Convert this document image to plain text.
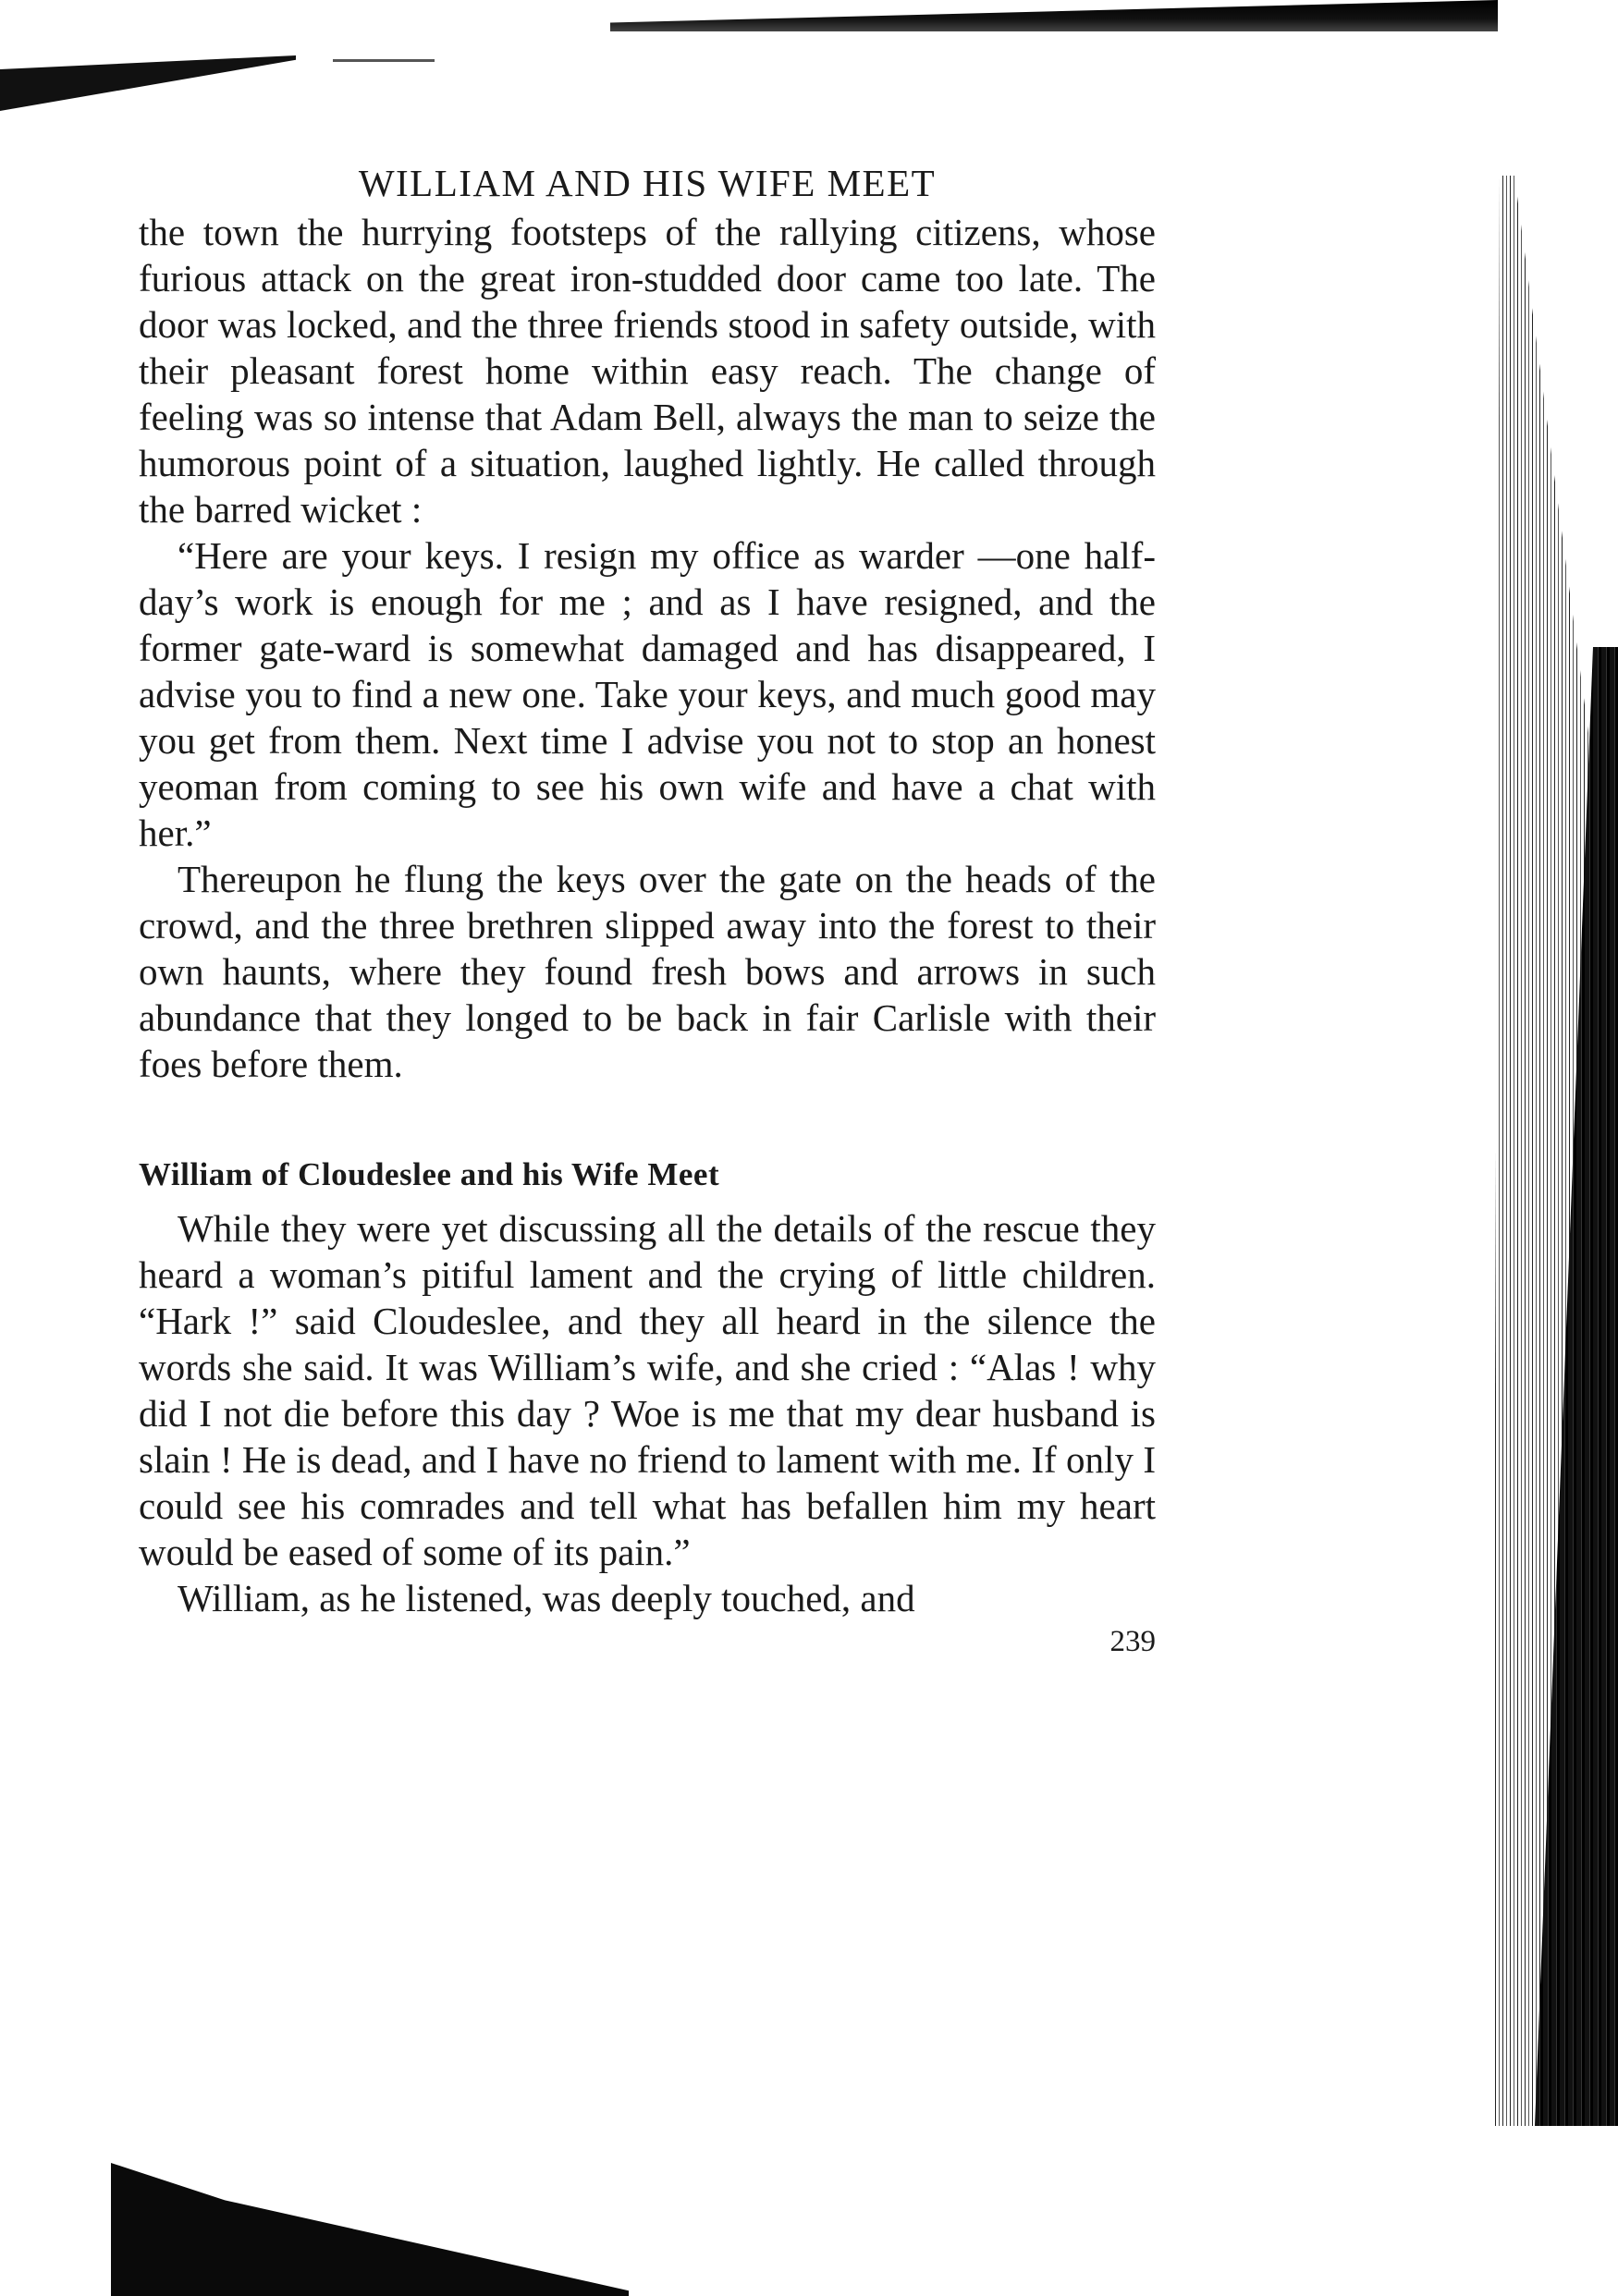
WILLIAM AND HIS WIFE MEET

the town the hurrying footsteps of the rallying citizens, whose furious attack on the great iron-studded door came too late. The door was locked, and the three friends stood in safety outside, with their pleasant forest home within easy reach. The change of feeling was so intense that Adam Bell, always the man to seize the humorous point of a situation, laughed lightly. He called through the barred wicket :

“Here are your keys. I resign my office as warder —one half-day’s work is enough for me ; and as I have resigned, and the former gate-ward is somewhat damaged and has disappeared, I advise you to find a new one. Take your keys, and much good may you get from them. Next time I advise you not to stop an honest yeoman from coming to see his own wife and have a chat with her.”

Thereupon he flung the keys over the gate on the heads of the crowd, and the three brethren slipped away into the forest to their own haunts, where they found fresh bows and arrows in such abundance that they longed to be back in fair Carlisle with their foes before them.

William of Cloudeslee and his Wife Meet

While they were yet discussing all the details of the rescue they heard a woman’s pitiful lament and the crying of little children. “Hark !” said Cloudeslee, and they all heard in the silence the words she said. It was William’s wife, and she cried : “Alas ! why did I not die before this day ? Woe is me that my dear husband is slain ! He is dead, and I have no friend to lament with me. If only I could see his comrades and tell what has befallen him my heart would be eased of some of its pain.”

William, as he listened, was deeply touched, and

239
